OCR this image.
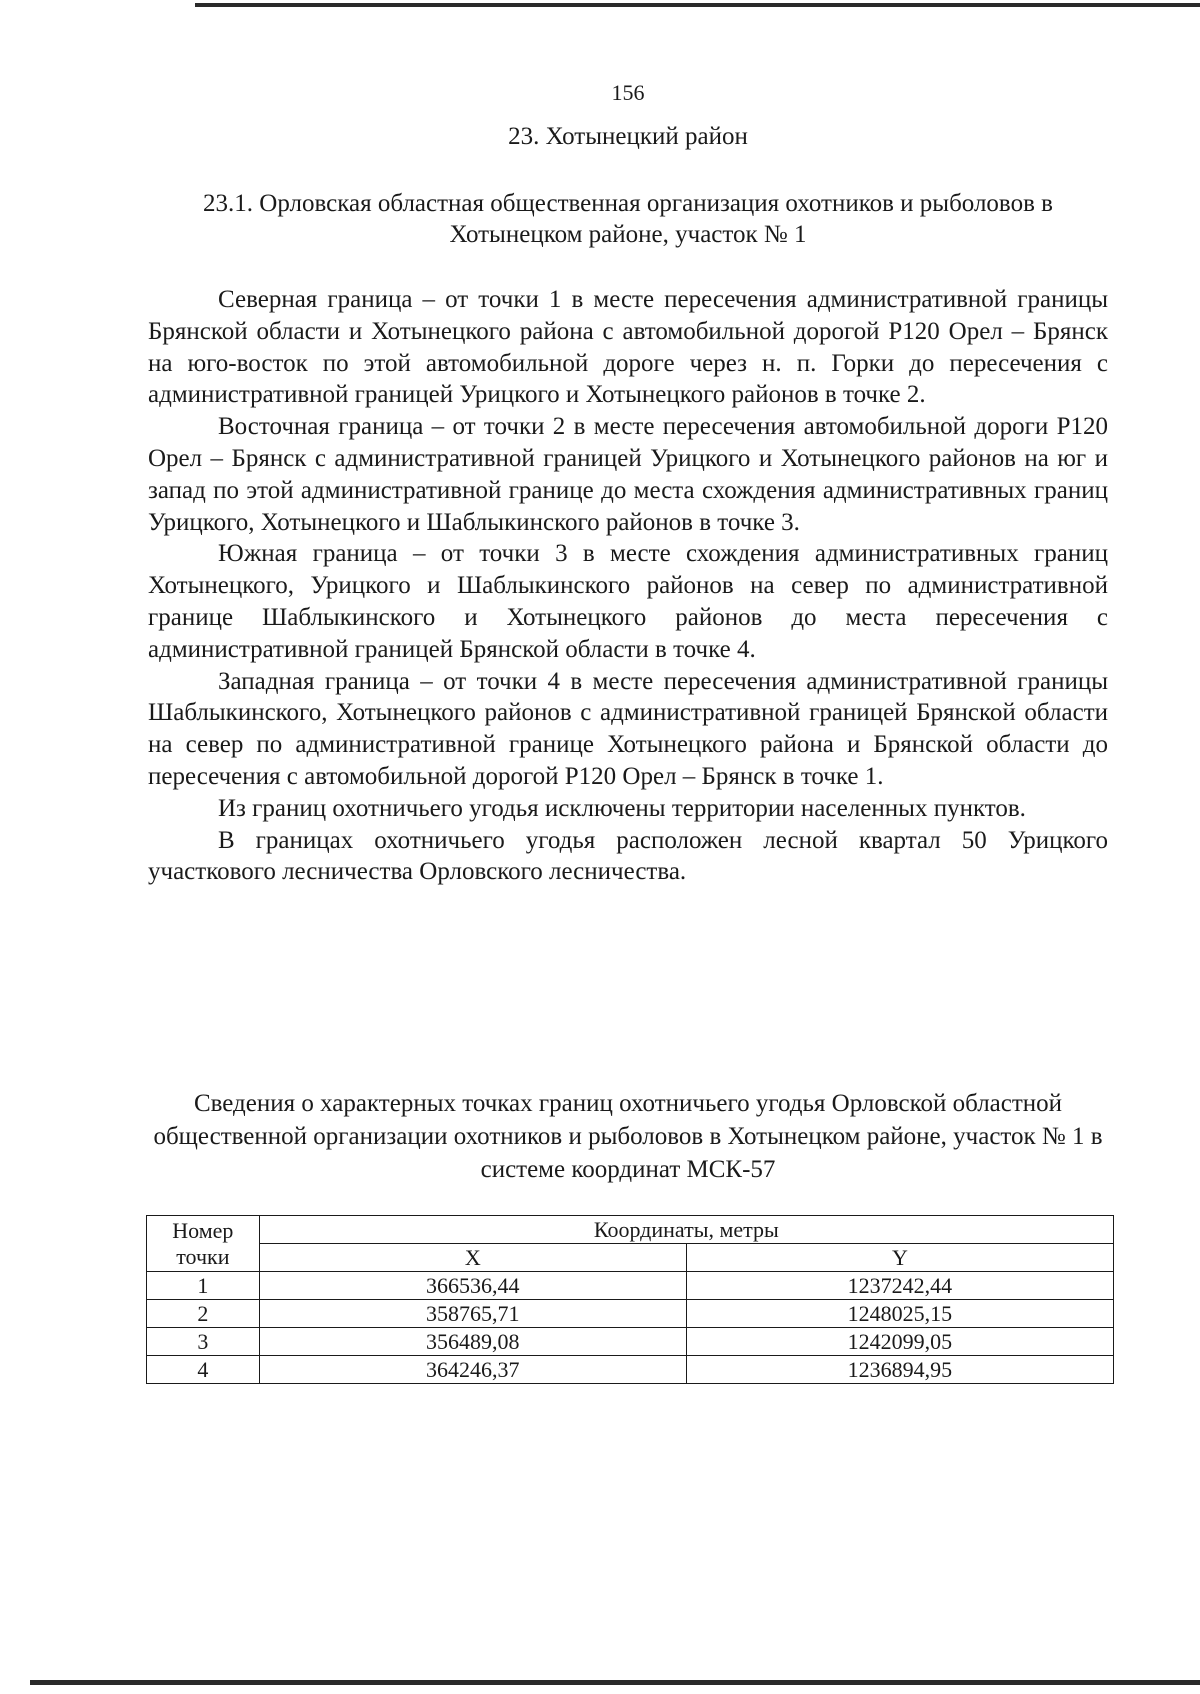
156
23. Хотынецкий район
23.1. Орловская областная общественная организация охотников и рыболовов в Хотынецком районе, участок № 1

Северная граница – от точки 1 в месте пересечения административной границы Брянской области и Хотынецкого района с автомобильной дорогой Р120 Орел – Брянск на юго-восток по этой автомобильной дороге через н. п. Горки до пересечения с административной границей Урицкого и Хотынецкого районов в точке 2.

Восточная граница – от точки 2 в месте пересечения автомобильной дороги Р120 Орел – Брянск с административной границей Урицкого и Хотынецкого районов на юг и запад по этой административной границе до места схождения административных границ Урицкого, Хотынецкого и Шаблыкинского районов в точке 3.

Южная граница – от точки 3 в месте схождения административных границ Хотынецкого, Урицкого и Шаблыкинского районов на север по административной границе Шаблыкинского и Хотынецкого районов до места пересечения с административной границей Брянской области в точке 4.

Западная граница – от точки 4 в месте пересечения административной границы Шаблыкинского, Хотынецкого районов с административной границей Брянской области на север по административной границе Хотынецкого района и Брянской области до пересечения с автомобильной дорогой Р120 Орел – Брянск в точке 1.

Из границ охотничьего угодья исключены территории населенных пунктов.

В границах охотничьего угодья расположен лесной квартал 50 Урицкого участкового лесничества Орловского лесничества.

Сведения о характерных точках границ охотничьего угодья Орловской областной общественной организации охотников и рыболовов в Хотынецком районе, участок № 1 в системе координат МСК-57
Номер точки	Координаты, метры	
	X	Y
1	366536,44	1237242,44
2	358765,71	1248025,15
3	356489,08	1242099,05
4	364246,37	1236894,95
